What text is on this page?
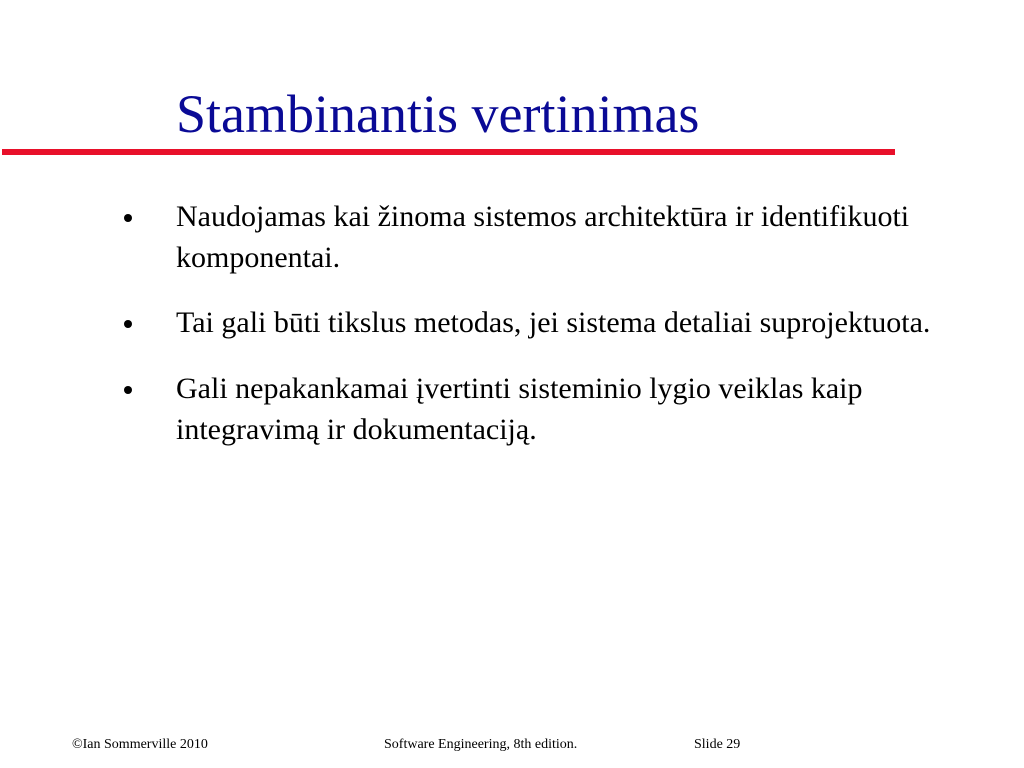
Stambinantis vertinimas
Naudojamas kai žinoma sistemos architektūra ir identifikuoti komponentai.
Tai gali būti tikslus metodas, jei sistema detaliai suprojektuota.
Gali nepakankamai įvertinti sisteminio lygio veiklas kaip integravimą ir dokumentaciją.
©Ian Sommerville 2010	Software Engineering, 8th edition.	Slide 29
